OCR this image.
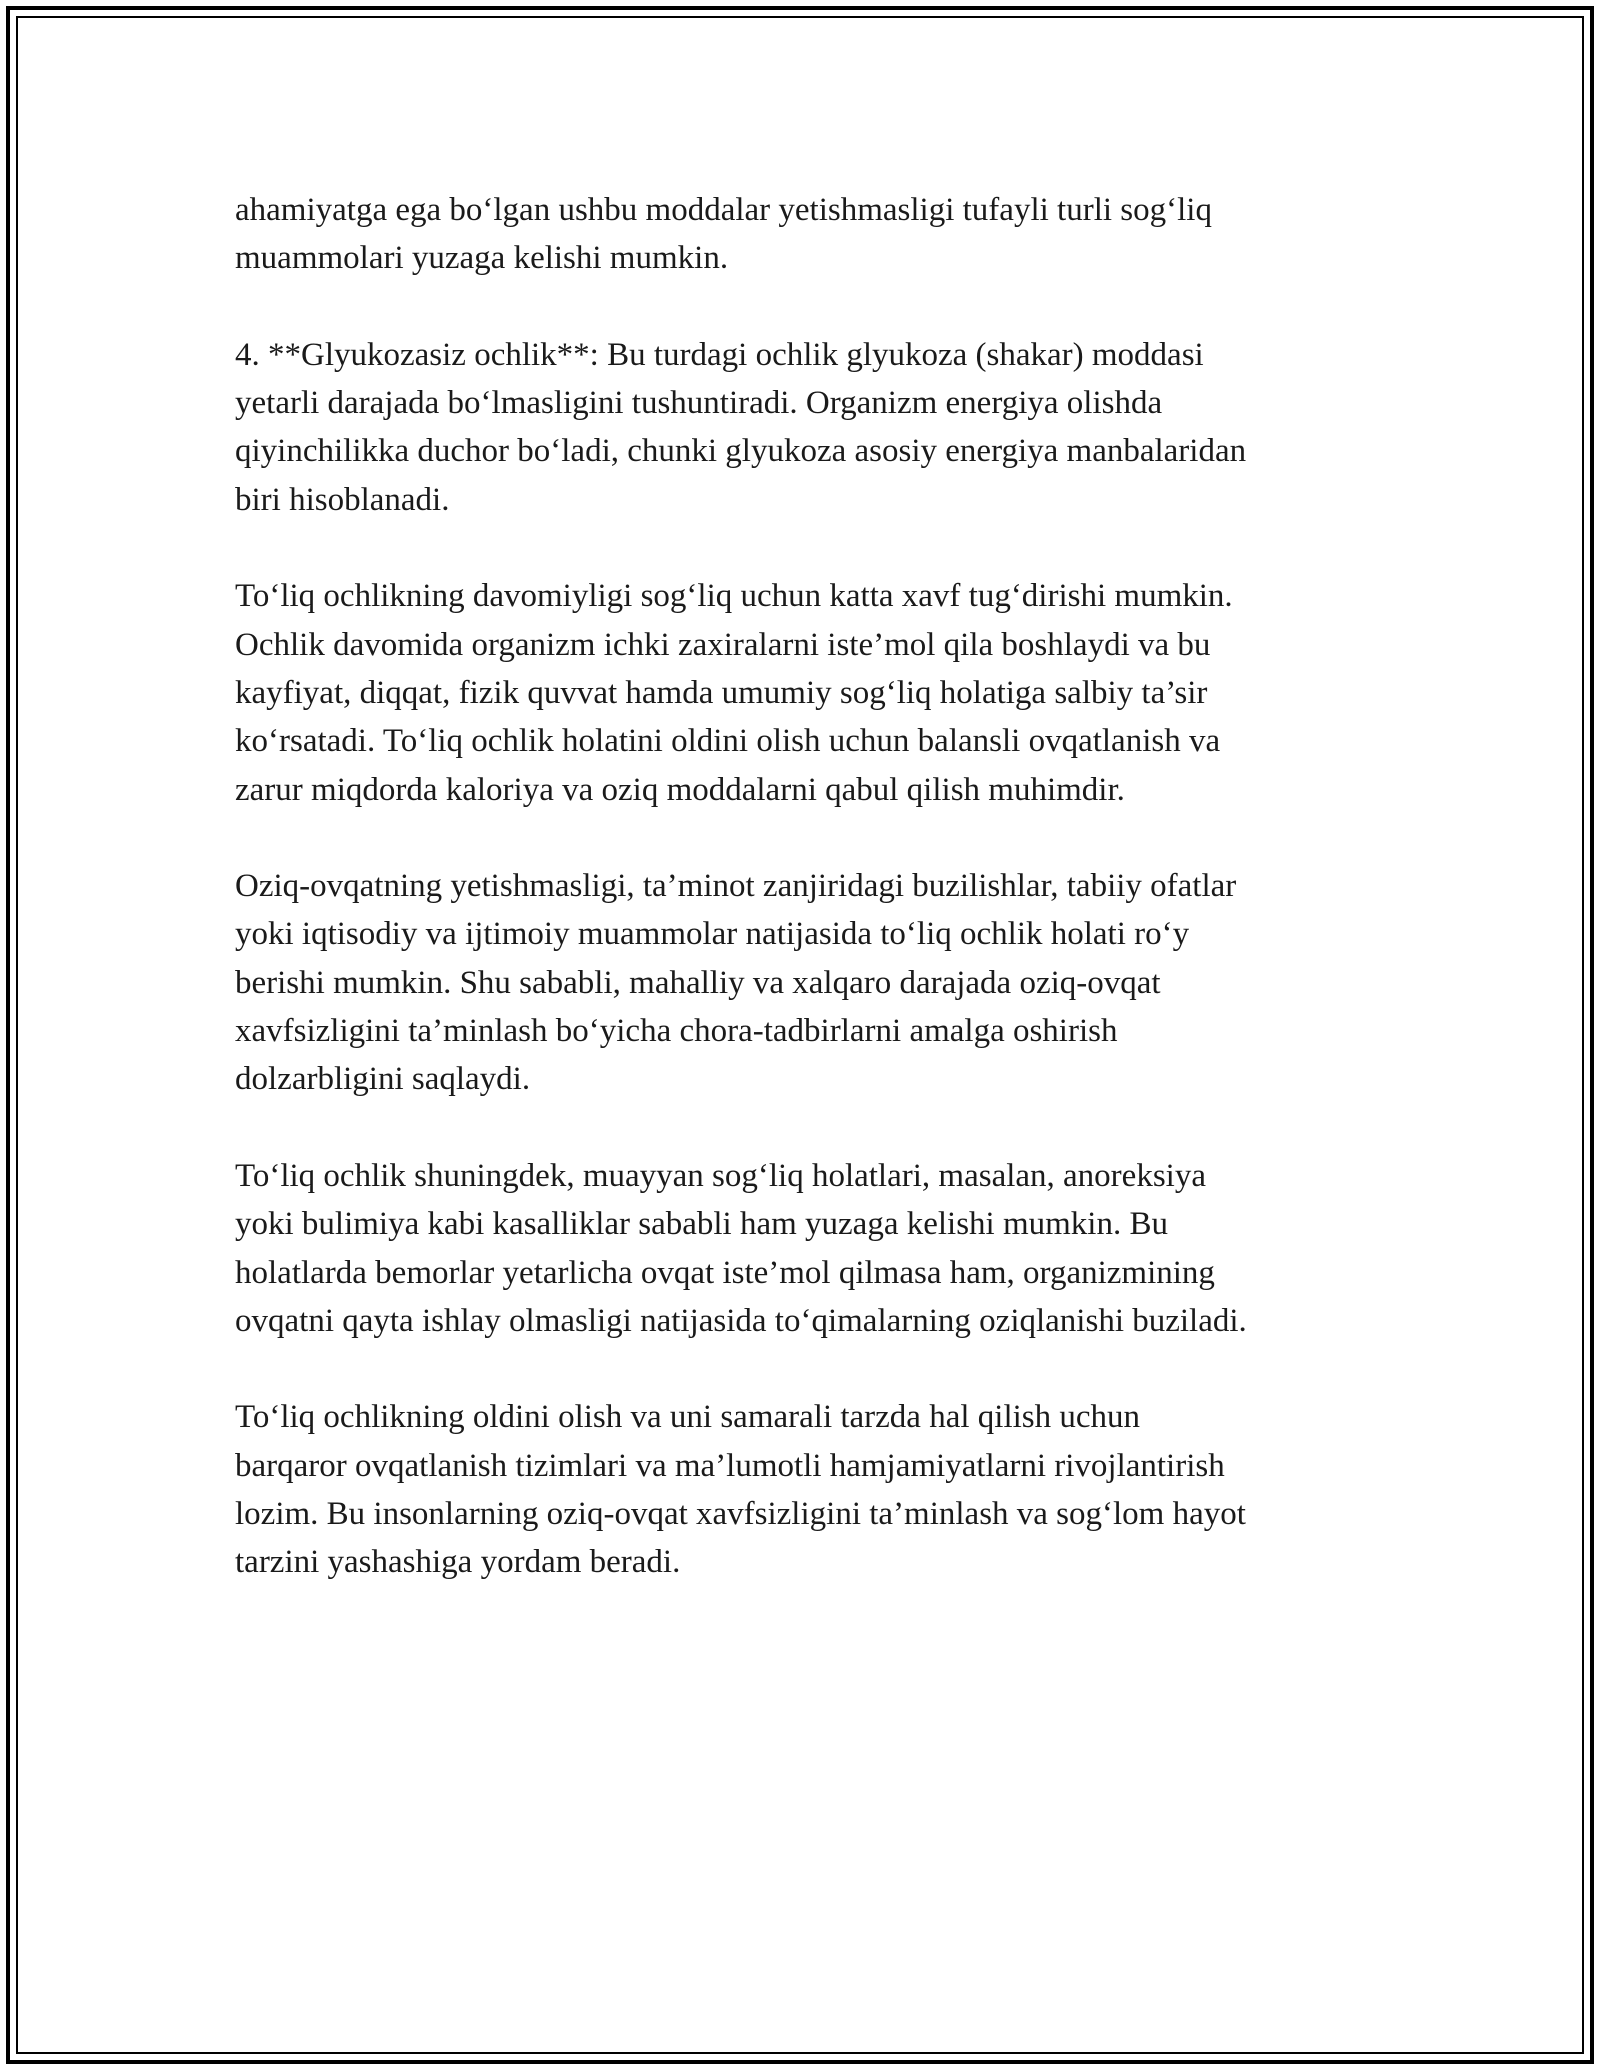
ahamiyatga ega bo‘lgan ushbu moddalar yetishmasligi tufayli turli sog‘liq
muammolari yuzaga kelishi mumkin.

4. **Glyukozasiz ochlik**: Bu turdagi ochlik glyukoza (shakar) moddasi
yetarli darajada bo‘lmasligini tushuntiradi. Organizm energiya olishda
qiyinchilikka duchor bo‘ladi, chunki glyukoza asosiy energiya manbalaridan
biri hisoblanadi.

To‘liq ochlikning davomiyligi sog‘liq uchun katta xavf tug‘dirishi mumkin.
Ochlik davomida organizm ichki zaxiralarni iste’mol qila boshlaydi va bu
kayfiyat, diqqat, fizik quvvat hamda umumiy sog‘liq holatiga salbiy ta’sir
ko‘rsatadi. To‘liq ochlik holatini oldini olish uchun balansli ovqatlanish va
zarur miqdorda kaloriya va oziq moddalarni qabul qilish muhimdir.

Oziq-ovqatning yetishmasligi, ta’minot zanjiridagi buzilishlar, tabiiy ofatlar
yoki iqtisodiy va ijtimoiy muammolar natijasida to‘liq ochlik holati ro‘y
berishi mumkin. Shu sababli, mahalliy va xalqaro darajada oziq-ovqat
xavfsizligini ta’minlash bo‘yicha chora-tadbirlarni amalga oshirish
dolzarbligini saqlaydi.

To‘liq ochlik shuningdek, muayyan sog‘liq holatlari, masalan, anoreksiya
yoki bulimiya kabi kasalliklar sababli ham yuzaga kelishi mumkin. Bu
holatlarda bemorlar yetarlicha ovqat iste’mol qilmasa ham, organizmining
ovqatni qayta ishlay olmasligi natijasida to‘qimalarning oziqlanishi buziladi.

To‘liq ochlikning oldini olish va uni samarali tarzda hal qilish uchun
barqaror ovqatlanish tizimlari va ma’lumotli hamjamiyatlarni rivojlantirish
lozim. Bu insonlarning oziq-ovqat xavfsizligini ta’minlash va sog‘lom hayot
tarzini yashashiga yordam beradi.
